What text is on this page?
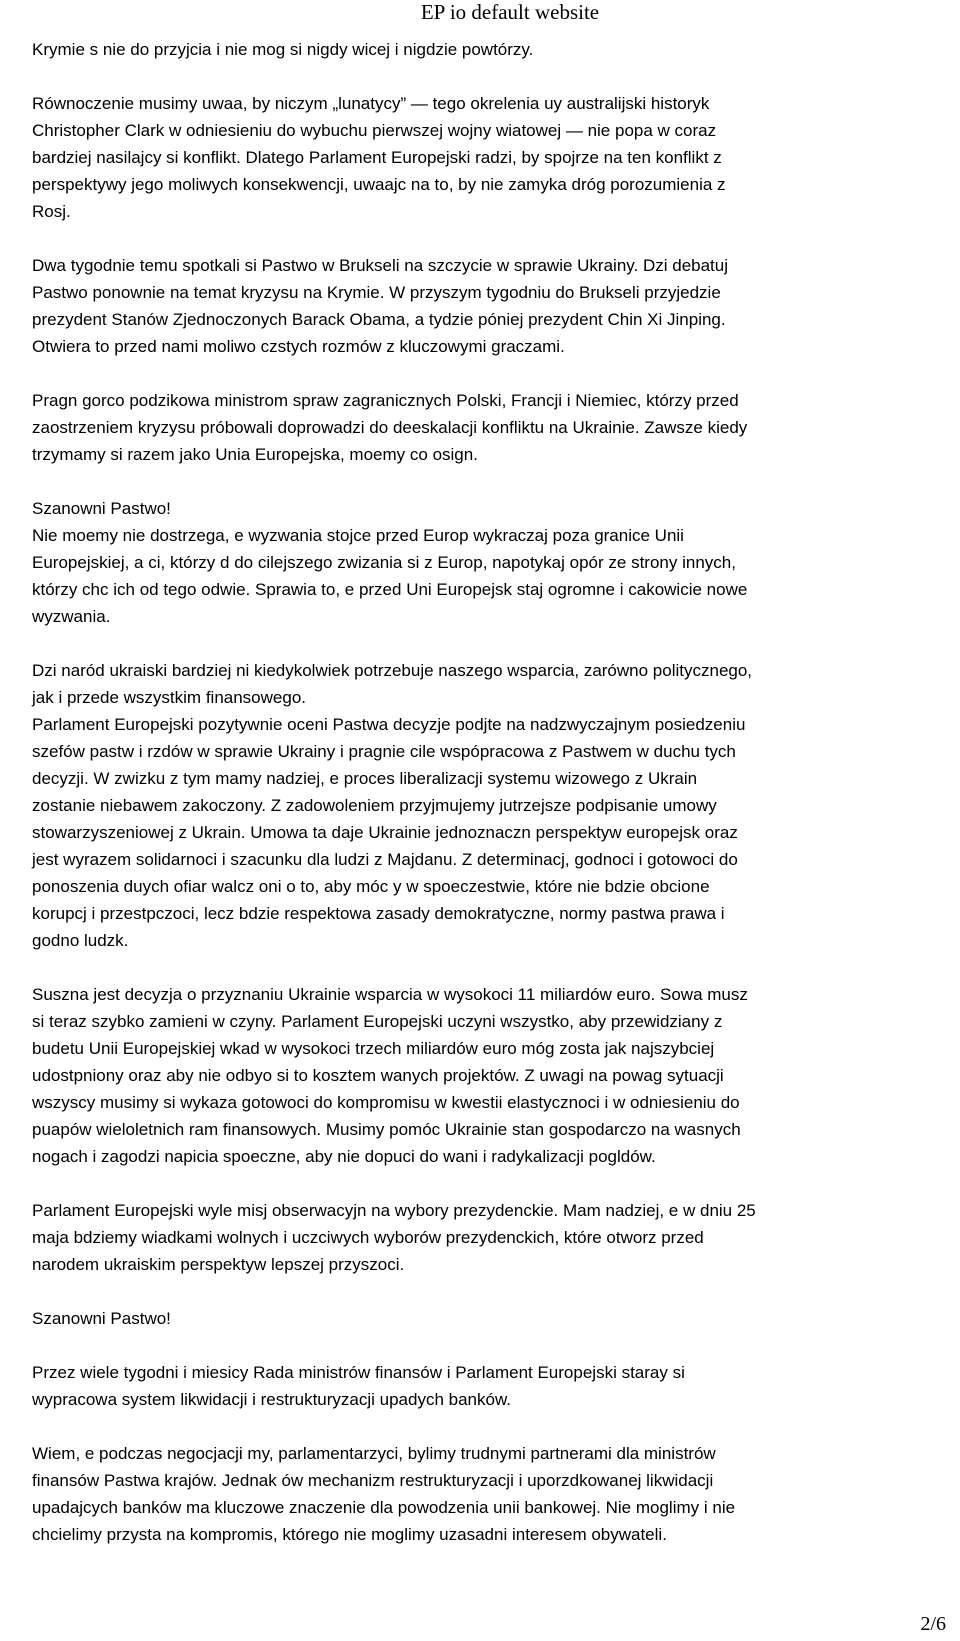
EP io default website

Krymie s nie do przyjcia i nie mog si nigdy wicej i nigdzie powtórzy.

Równoczenie musimy uwaa, by niczym „lunatycy” — tego okrelenia uy australijski historyk
Christopher Clark w odniesieniu do wybuchu pierwszej wojny wiatowej — nie popa w coraz
bardziej nasilajcy si konflikt. Dlatego Parlament Europejski radzi, by spojrze na ten konflikt z
perspektywy jego moliwych konsekwencji, uwaajc na to, by nie zamyka dróg porozumienia z
Rosj.

Dwa tygodnie temu spotkali si Pastwo w Brukseli na szczycie w sprawie Ukrainy. Dzi debatuj
Pastwo ponownie na temat kryzysu na Krymie. W przyszym tygodniu do Brukseli przyjedzie
prezydent Stanów Zjednoczonych Barack Obama, a tydzie póniej prezydent Chin Xi Jinping.
Otwiera to przed nami moliwo czstych rozmów z kluczowymi graczami.

Pragn gorco podzikowa ministrom spraw zagranicznych Polski, Francji i Niemiec, którzy przed
zaostrzeniem kryzysu próbowali doprowadzi do deeskalacji konfliktu na Ukrainie. Zawsze kiedy
trzymamy si razem jako Unia Europejska, moemy co osign.

Szanowni Pastwo!
Nie moemy nie dostrzega, e wyzwania stojce przed Europ wykraczaj poza granice Unii
Europejskiej, a ci, którzy d do cilejszego zwizania si z Europ, napotykaj opór ze strony innych,
którzy chc ich od tego odwie. Sprawia to, e przed Uni Europejsk staj ogromne i cakowicie nowe
wyzwania.

Dzi naród ukraiski bardziej ni kiedykolwiek potrzebuje naszego wsparcia, zarówno politycznego,
jak i przede wszystkim finansowego.
Parlament Europejski pozytywnie oceni Pastwa decyzje podjte na nadzwyczajnym posiedzeniu
szefów pastw i rzdów w sprawie Ukrainy i pragnie cile wspópracowa z Pastwem w duchu tych
decyzji. W zwizku z tym mamy nadziej, e proces liberalizacji systemu wizowego z Ukrain
zostanie niebawem zakoczony. Z zadowoleniem przyjmujemy jutrzejsze podpisanie umowy
stowarzyszeniowej z Ukrain. Umowa ta daje Ukrainie jednoznaczn perspektyw europejsk oraz
jest wyrazem solidarnoci i szacunku dla ludzi z Majdanu. Z determinacj, godnoci i gotowoci do
ponoszenia duych ofiar walcz oni o to, aby móc y w spoeczestwie, które nie bdzie obcione
korupcj i przestpczoci, lecz bdzie respektowa zasady demokratyczne, normy pastwa prawa i
godno ludzk.

Suszna jest decyzja o przyznaniu Ukrainie wsparcia w wysokoci 11 miliardów euro. Sowa musz
si teraz szybko zamieni w czyny. Parlament Europejski uczyni wszystko, aby przewidziany z
budetu Unii Europejskiej wkad w wysokoci trzech miliardów euro móg zosta jak najszybciej
udostpniony oraz aby nie odbyo si to kosztem wanych projektów. Z uwagi na powag sytuacji
wszyscy musimy si wykaza gotowoci do kompromisu w kwestii elastycznoci i w odniesieniu do
puapów wieloletnich ram finansowych. Musimy pomóc Ukrainie stan gospodarczo na wasnych
nogach i zagodzi napicia spoeczne, aby nie dopuci do wani i radykalizacji pogldów.

Parlament Europejski wyle misj obserwacyjn na wybory prezydenckie. Mam nadziej, e w dniu 25
maja bdziemy wiadkami wolnych i uczciwych wyborów prezydenckich, które otworz przed
narodem ukraiskim perspektyw lepszej przyszoci.

Szanowni Pastwo!

Przez wiele tygodni i miesicy Rada ministrów finansów i Parlament Europejski staray si
wypracowa system likwidacji i restrukturyzacji upadych banków.

Wiem, e podczas negocjacji my, parlamentarzyci, bylimy trudnymi partnerami dla ministrów
finansów Pastwa krajów. Jednak ów mechanizm restrukturyzacji i uporzdkowanej likwidacji
upadajcych banków ma kluczowe znaczenie dla powodzenia unii bankowej. Nie moglimy i nie
chcielimy przysta na kompromis, którego nie moglimy uzasadni interesem obywateli.

2/6
